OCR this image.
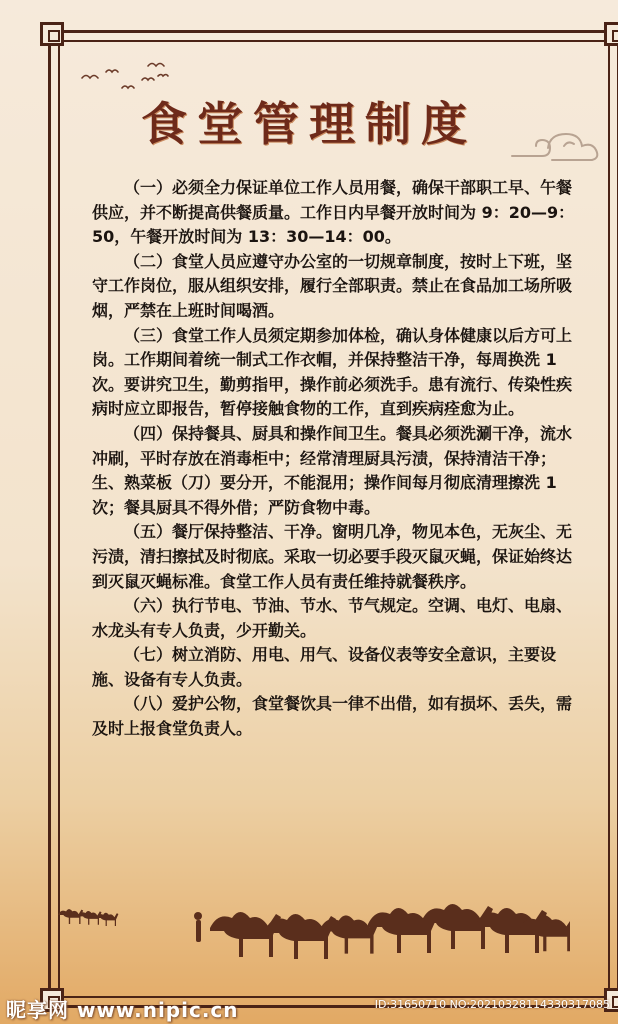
食堂管理制度

（一）必须全力保证单位工作人员用餐，确保干部职工早、午餐供应，并不断提高供餐质量。工作日内早餐开放时间为 9：20—9：50，午餐开放时间为 13：30—14：00。

（二）食堂人员应遵守办公室的一切规章制度，按时上下班，坚守工作岗位，服从组织安排，履行全部职责。禁止在食品加工场所吸烟，严禁在上班时间喝酒。

（三）食堂工作人员须定期参加体检，确认身体健康以后方可上岗。工作期间着统一制式工作衣帽，并保持整洁干净，每周换洗 1 次。要讲究卫生，勤剪指甲，操作前必须洗手。患有流行、传染性疾病时应立即报告，暂停接触食物的工作，直到疾病痊愈为止。

（四）保持餐具、厨具和操作间卫生。餐具必须洗涮干净，流水冲刷，平时存放在消毒柜中；经常清理厨具污渍，保持清洁干净；生、熟菜板（刀）要分开，不能混用；操作间每月彻底清理擦洗 1 次；餐具厨具不得外借；严防食物中毒。

（五）餐厅保持整洁、干净。窗明几净，物见本色，无灰尘、无污渍，清扫擦拭及时彻底。采取一切必要手段灭鼠灭蝇，保证始终达到灭鼠灭蝇标准。食堂工作人员有责任维持就餐秩序。

（六）执行节电、节油、节水、节气规定。空调、电灯、电扇、水龙头有专人负责，少开勤关。

（七）树立消防、用电、用气、设备仪表等安全意识，主要设施、设备有专人负责。

（八）爱护公物，食堂餐饮具一律不出借，如有损坏、丢失，需及时上报食堂负责人。

昵享网 www.nipic.cn	ID:31650710 NO:20210328114330317085
